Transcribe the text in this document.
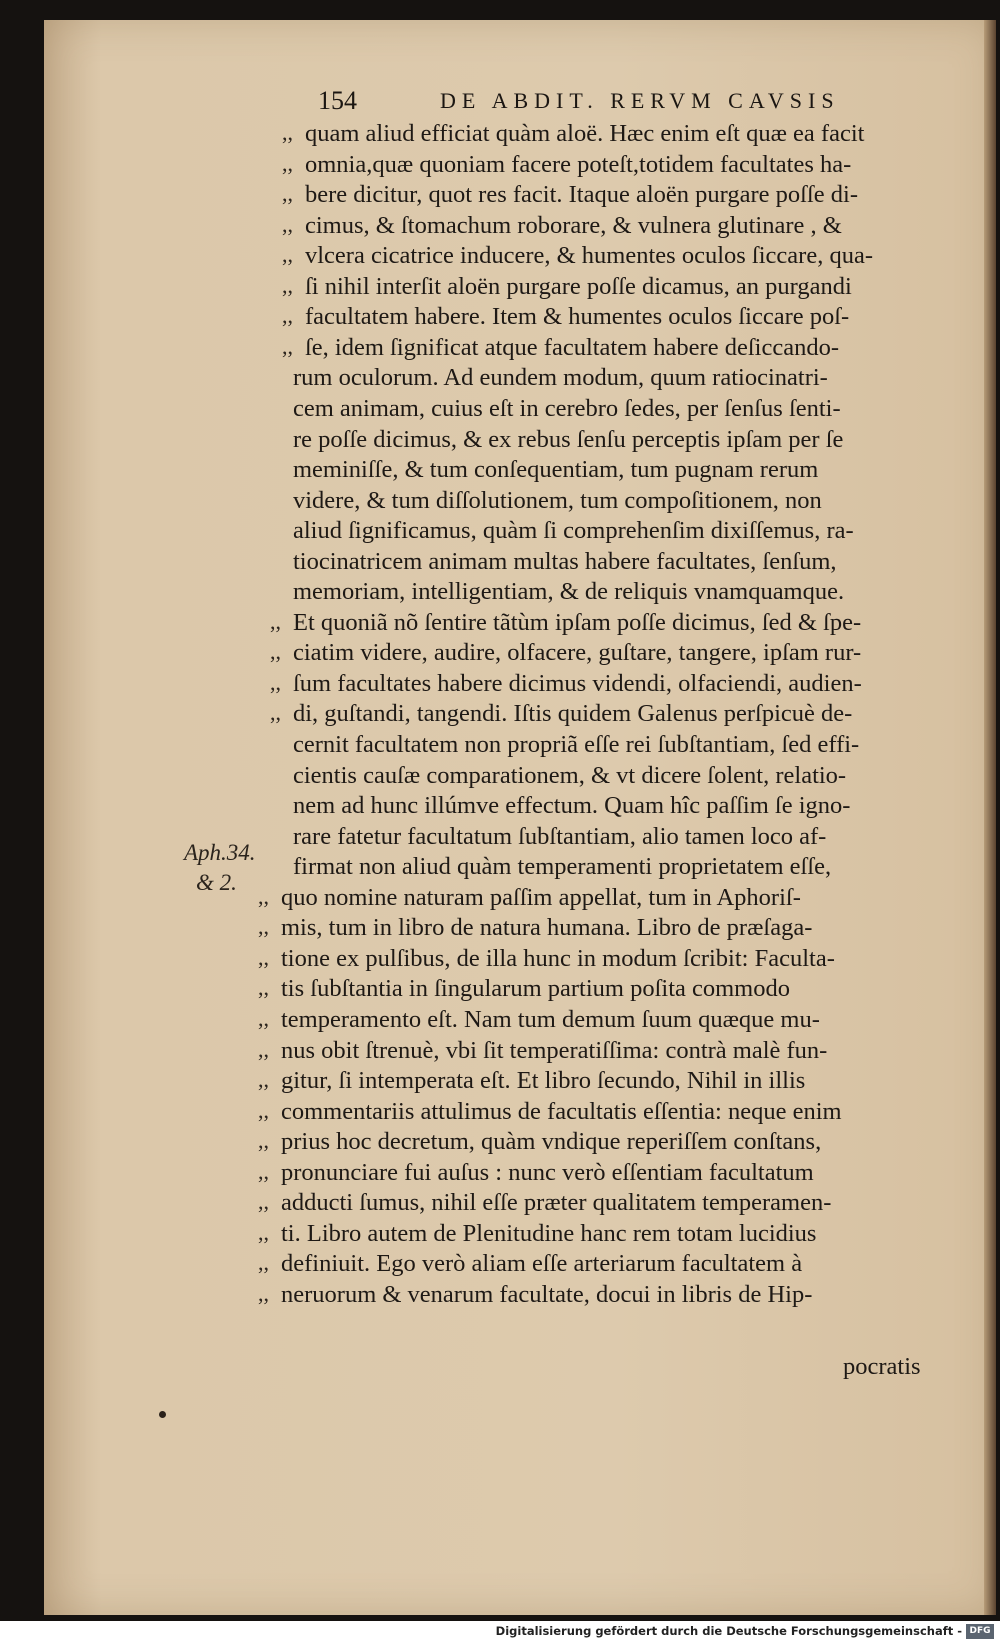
154	DE ABDIT. RERVM CAVSIS
Aph.34.
& 2.
,, quam aliud efficiat quàm aloë. Hæc enim eſt quæ ea facit
,, omnia,quæ quoniam facere poteſt,totidem facultates ha-
,, bere dicitur, quot res facit. Itaque aloën purgare poſſe di-
,, cimus, & ſtomachum roborare, & vulnera glutinare , &
,, vlcera cicatrice inducere, & humentes oculos ſiccare, qua-
,, ſi nihil interſit aloën purgare poſſe dicamus, an purgandi
,, facultatem habere. Item & humentes oculos ſiccare poſ-
,, ſe, idem ſignificat atque facultatem habere deſiccando-
rum oculorum. Ad eundem modum, quum ratiocinatri-
cem animam, cuius eſt in cerebro ſedes, per ſenſus ſenti-
re poſſe dicimus, & ex rebus ſenſu perceptis ipſam per ſe
meminiſſe, & tum conſequentiam, tum pugnam rerum
videre, & tum diſſolutionem, tum compoſitionem, non
aliud ſignificamus, quàm ſi comprehenſim dixiſſemus, ra-
tiocinatricem animam multas habere facultates, ſenſum,
memoriam, intelligentiam, & de reliquis vnamquamque.
,, Et quoniã nõ ſentire tãtùm ipſam poſſe dicimus, ſed & ſpe-
,, ciatim videre, audire, olfacere, guſtare, tangere, ipſam rur-
,, ſum facultates habere dicimus videndi, olfaciendi, audien-
,, di, guſtandi, tangendi. Iſtis quidem Galenus perſpicuè de-
cernit facultatem non propriã eſſe rei ſubſtantiam, ſed effi-
cientis cauſæ comparationem, & vt dicere ſolent, relatio-
nem ad hunc illúmve effectum. Quam hîc paſſim ſe igno-
rare fatetur facultatum ſubſtantiam, alio tamen loco af-
firmat non aliud quàm temperamenti proprietatem eſſe,
,, quo nomine naturam paſſim appellat, tum in Aphoriſ-
,, mis, tum in libro de natura humana. Libro de præſaga-
,, tione ex pulſibus, de illa hunc in modum ſcribit: Faculta-
,, tis ſubſtantia in ſingularum partium poſita commodo
,, temperamento eſt. Nam tum demum ſuum quæque mu-
,, nus obit ſtrenuè, vbi ſit temperatiſſima: contrà malè fun-
,, gitur, ſi intemperata eſt. Et libro ſecundo, Nihil in illis
,, commentariis attulimus de facultatis eſſentia: neque enim
,, prius hoc decretum, quàm vndique reperiſſem conſtans,
,, pronunciare fui auſus : nunc verò eſſentiam facultatum
,, adducti ſumus, nihil eſſe præter qualitatem temperamen-
,, ti. Libro autem de Plenitudine hanc rem totam lucidius
,, definiuit. Ego verò aliam eſſe arteriarum facultatem à
,, neruorum & venarum facultate, docui in libris de Hip-
pocratis
Digitalisierung gefördert durch die Deutsche Forschungsgemeinschaft - DFG
